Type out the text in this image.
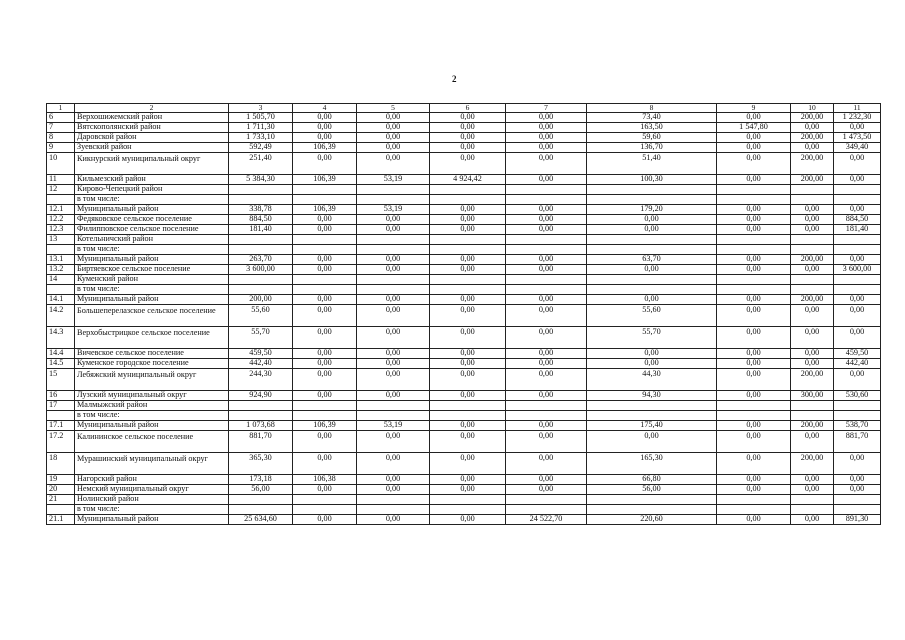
2
1	2	3	4	5	6	7	8	9	10	11
6	Верхошижемский район	1 505,70	0,00	0,00	0,00	0,00	73,40	0,00	200,00	1 232,30
7	Вятскополянский район	1 711,30	0,00	0,00	0,00	0,00	163,50	1 547,80	0,00	0,00
8	Даровской район	1 733,10	0,00	0,00	0,00	0,00	59,60	0,00	200,00	1 473,50
9	Зуевский район	592,49	106,39	0,00	0,00	0,00	136,70	0,00	0,00	349,40
10	Кикнурский муниципальный округ	251,40	0,00	0,00	0,00	0,00	51,40	0,00	200,00	0,00
11	Кильмезский район	5 384,30	106,39	53,19	4 924,42	0,00	100,30	0,00	200,00	0,00
12	Кирово-Чепецкий район									
	в том числе:									
12.1	Муниципальный район	338,78	106,39	53,19	0,00	0,00	179,20	0,00	0,00	0,00
12.2	Федяковское сельское поселение	884,50	0,00	0,00	0,00	0,00	0,00	0,00	0,00	884,50
12.3	Филипповское сельское поселение	181,40	0,00	0,00	0,00	0,00	0,00	0,00	0,00	181,40
13	Котельничский район									
	в том числе:									
13.1	Муниципальный район	263,70	0,00	0,00	0,00	0,00	63,70	0,00	200,00	0,00
13.2	Биртяевское сельское поселение	3 600,00	0,00	0,00	0,00	0,00	0,00	0,00	0,00	3 600,00
14	Куменский район									
	в том числе:									
14.1	Муниципальный район	200,00	0,00	0,00	0,00	0,00	0,00	0,00	200,00	0,00
14.2	Большеперелазское сельское поселение	55,60	0,00	0,00	0,00	0,00	55,60	0,00	0,00	0,00
14.3	Верхобыстрицкое сельское поселение	55,70	0,00	0,00	0,00	0,00	55,70	0,00	0,00	0,00
14.4	Вичевское сельское поселение	459,50	0,00	0,00	0,00	0,00	0,00	0,00	0,00	459,50
14.5	Куменское городское поселение	442,40	0,00	0,00	0,00	0,00	0,00	0,00	0,00	442,40
15	Лебяжский муниципальный округ	244,30	0,00	0,00	0,00	0,00	44,30	0,00	200,00	0,00
16	Лузский муниципальный округ	924,90	0,00	0,00	0,00	0,00	94,30	0,00	300,00	530,60
17	Малмыжский район									
	в том числе:									
17.1	Муниципальный район	1 073,68	106,39	53,19	0,00	0,00	175,40	0,00	200,00	538,70
17.2	Калининское сельское поселение	881,70	0,00	0,00	0,00	0,00	0,00	0,00	0,00	881,70
18	Мурашинский муниципальный округ	365,30	0,00	0,00	0,00	0,00	165,30	0,00	200,00	0,00
19	Нагорский район	173,18	106,38	0,00	0,00	0,00	66,80	0,00	0,00	0,00
20	Немский муниципальный округ	56,00	0,00	0,00	0,00	0,00	56,00	0,00	0,00	0,00
21	Нолинский район									
	в том числе:									
21.1	Муниципальный район	25 634,60	0,00	0,00	0,00	24 522,70	220,60	0,00	0,00	891,30
